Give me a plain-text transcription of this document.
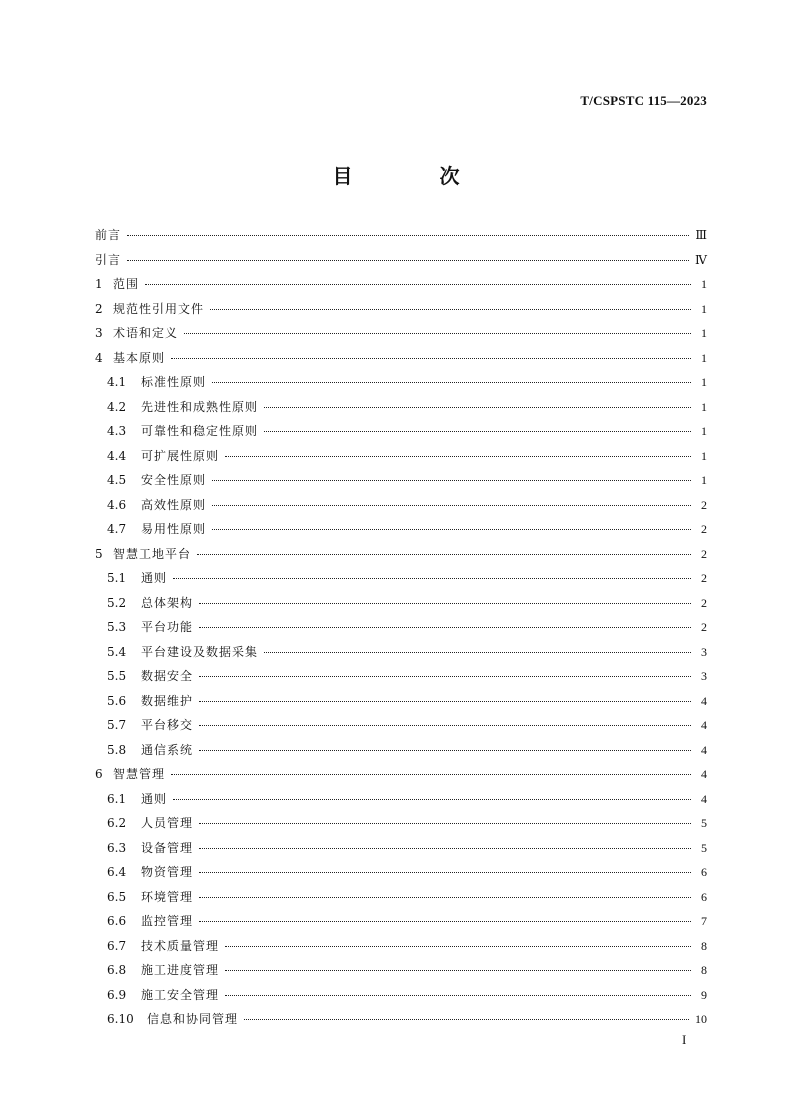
T/CSPSTC 115—2023
目 次
前言	Ⅲ
引言	Ⅳ
1 范围	1
2 规范性引用文件	1
3 术语和定义	1
4 基本原则	1
4.1	标准性原则	1
4.2	先进性和成熟性原则	1
4.3	可靠性和稳定性原则	1
4.4	可扩展性原则	1
4.5	安全性原则	1
4.6	高效性原则	2
4.7	易用性原则	2
5 智慧工地平台	2
5.1	通则	2
5.2	总体架构	2
5.3	平台功能	2
5.4	平台建设及数据采集	3
5.5	数据安全	3
5.6	数据维护	4
5.7	平台移交	4
5.8	通信系统	4
6 智慧管理	4
6.1	通则	4
6.2	人员管理	5
6.3	设备管理	5
6.4	物资管理	6
6.5	环境管理	6
6.6	监控管理	7
6.7	技术质量管理	8
6.8	施工进度管理	8
6.9	施工安全管理	9
6.10	信息和协同管理	10
I
